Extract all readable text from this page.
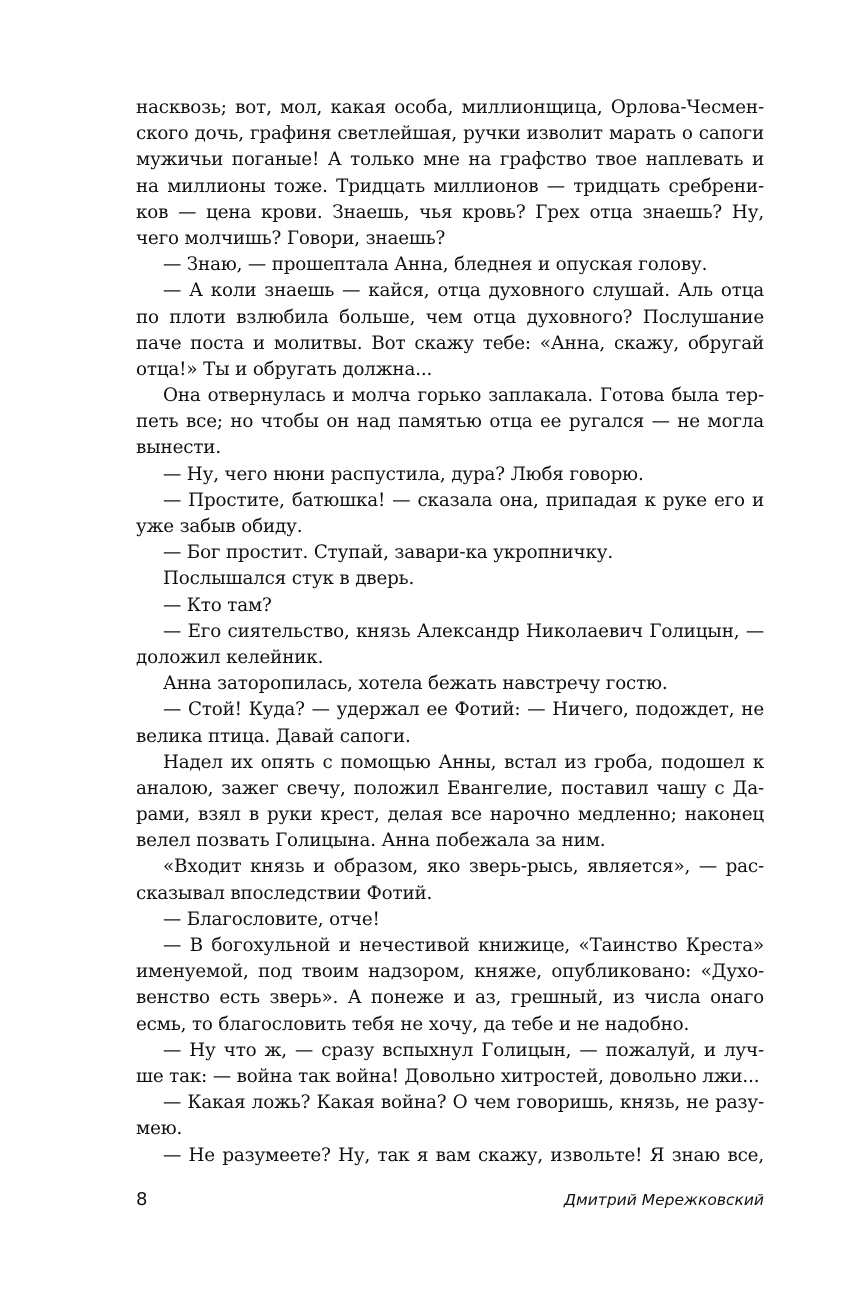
насквозь; вот, мол, какая особа, миллионщица, Орлова-Чесмен-
ского дочь, графиня светлейшая, ручки изволит марать о сапоги
мужичьи поганые! А только мне на графство твое наплевать и
на миллионы тоже. Тридцать миллионов — тридцать сребрени-
ков — цена крови. Знаешь, чья кровь? Грех отца знаешь? Ну,
чего молчишь? Говори, знаешь?
— Знаю, — прошептала Анна, бледнея и опуская голову.
— А коли знаешь — кайся, отца духовного слушай. Аль отца
по плоти взлюбила больше, чем отца духовного? Послушание
паче поста и молитвы. Вот скажу тебе: «Анна, скажу, обругай
отца!» Ты и обругать должна...
Она отвернулась и молча горько заплакала. Готова была тер-
петь все; но чтобы он над памятью отца ее ругался — не могла
вынести.
— Ну, чего нюни распустила, дура? Любя говорю.
— Простите, батюшка! — сказала она, припадая к руке его и
уже забыв обиду.
— Бог простит. Ступай, завари-ка укропничку.
Послышался стук в дверь.
— Кто там?
— Его сиятельство, князь Александр Николаевич Голицын, —
доложил келейник.
Анна заторопилась, хотела бежать навстречу гостю.
— Стой! Куда? — удержал ее Фотий: — Ничего, подождет, не
велика птица. Давай сапоги.
Надел их опять с помощью Анны, встал из гроба, подошел к
аналою, зажег свечу, положил Евангелие, поставил чашу с Да-
рами, взял в руки крест, делая все нарочно медленно; наконец
велел позвать Голицына. Анна побежала за ним.
«Входит князь и образом, яко зверь-рысь, является», — рас-
сказывал впоследствии Фотий.
— Благословите, отче!
— В богохульной и нечестивой книжице, «Таинство Креста»
именуемой, под твоим надзором, княже, опубликовано: «Духо-
венство есть зверь». А понеже и аз, грешный, из числа онаго
есмь, то благословить тебя не хочу, да тебе и не надобно.
— Ну что ж, — сразу вспыхнул Голицын, — пожалуй, и луч-
ше так: — война так война! Довольно хитростей, довольно лжи...
— Какая ложь? Какая война? О чем говоришь, князь, не разу-
мею.
— Не разумеете? Ну, так я вам скажу, извольте! Я знаю все,
8	Дмитрий Мережковский
